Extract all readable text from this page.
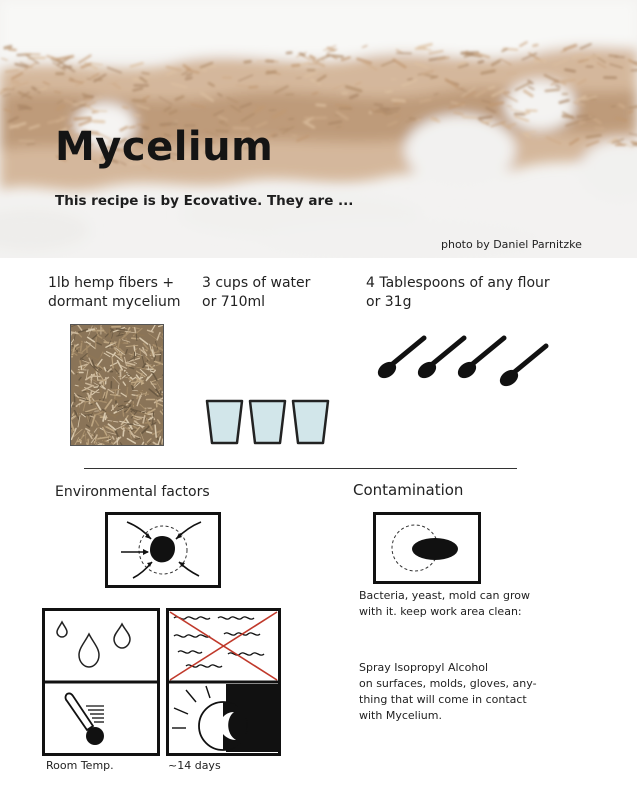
Mycelium
This recipe is by Ecovative. They are ...
photo by Daniel Parnitzke
1lb hemp fibers +
dormant mycelium
3 cups of water
or 710ml
4 Tablespoons of any flour
or 31g
Environmental factors	Contamination
Bacteria, yeast, mold can grow
with it. keep work area clean:
Spray Isopropyl Alcohol
on surfaces, molds, gloves, any-
thing that will come in contact
with Mycelium.
Room Temp.	~14 days
